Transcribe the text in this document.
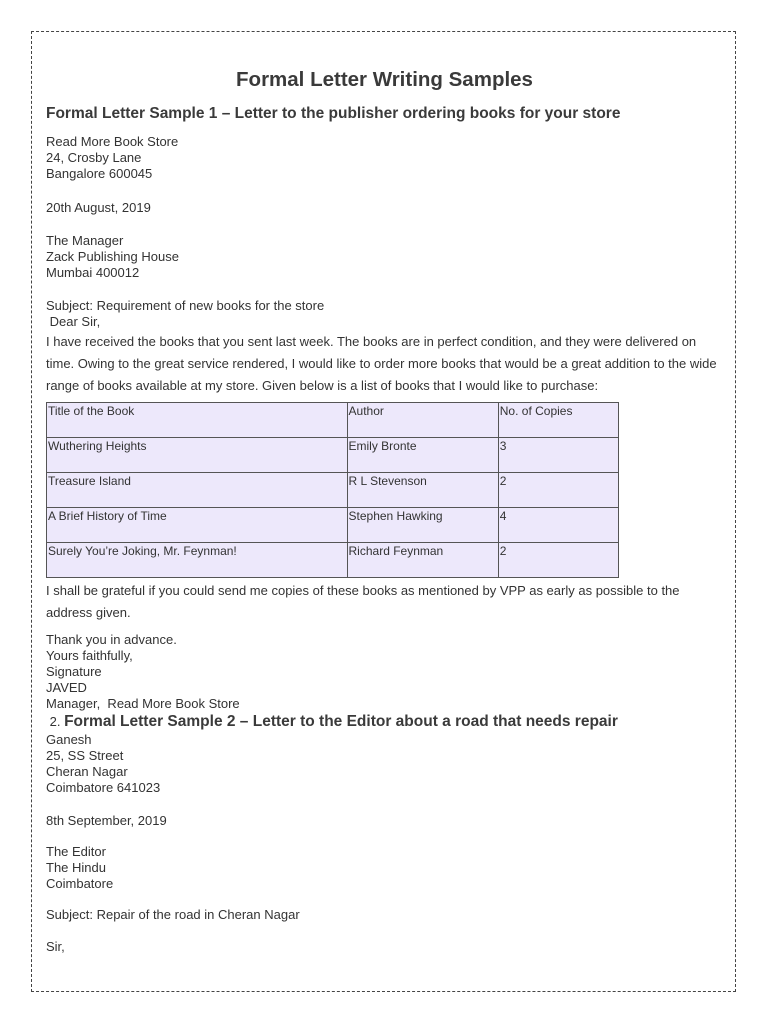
Formal Letter Writing Samples

Formal Letter Sample 1 – Letter to the publisher ordering books for your store

Read More Book Store

24, Crosby Lane

Bangalore 600045

20th August, 2019

The Manager

Zack Publishing House

Mumbai 400012

Subject: Requirement of new books for the store

Dear Sir,

I have received the books that you sent last week. The books are in perfect condition, and they were delivered on time. Owing to the great service rendered, I would like to order more books that would be a great addition to the wide range of books available at my store. Given below is a list of books that I would like to purchase:

Title of the Book	Author	No. of Copies
Wuthering Heights	Emily Bronte	3
Treasure Island	R L Stevenson	2
A Brief History of Time	Stephen Hawking	4
Surely You’re Joking, Mr. Feynman!	Richard Feynman	2

I shall be grateful if you could send me copies of these books as mentioned by VPP as early as possible to the address given.

Thank you in advance.

Yours faithfully,

Signature

JAVED

Manager,  Read More Book Store

2. Formal Letter Sample 2 – Letter to the Editor about a road that needs repair

Ganesh

25, SS Street

Cheran Nagar

Coimbatore 641023

8th September, 2019

The Editor

The Hindu

Coimbatore

Subject: Repair of the road in Cheran Nagar

Sir,
